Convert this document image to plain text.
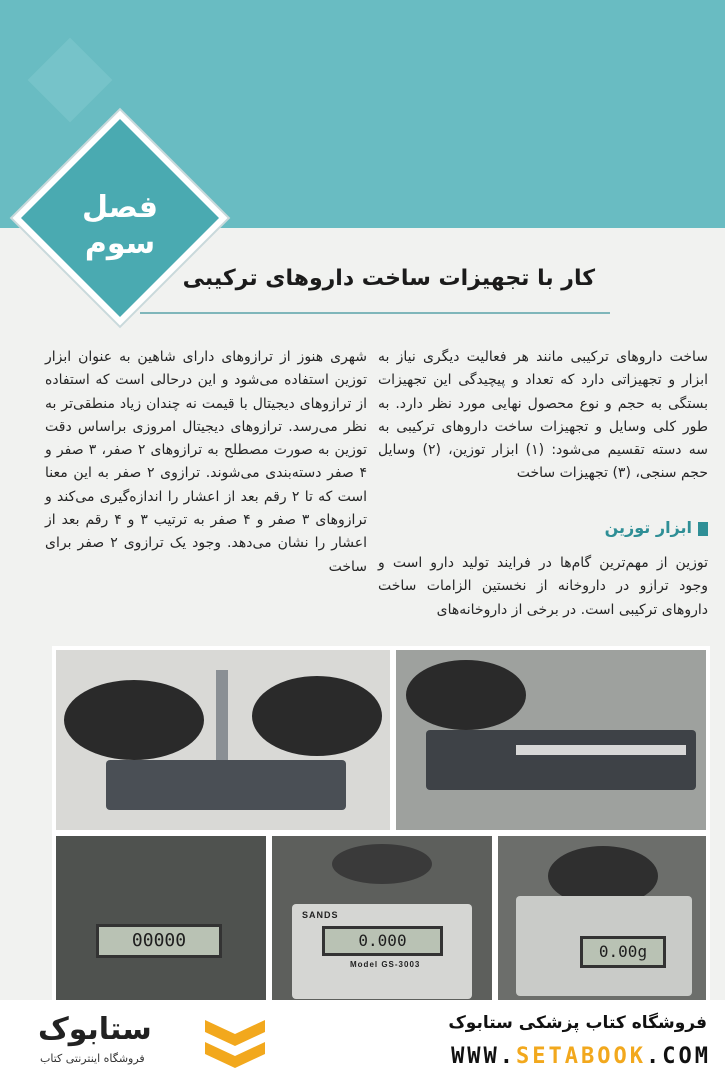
فصل
سوم
کار با تجهیزات ساخت داروهای ترکیبی

ساخت داروهای ترکیبی مانند هر فعالیت دیگری نیاز به ابزار و تجهیزاتی دارد که تعداد و پیچیدگی این تجهیزات بستگی به حجم و نوع محصول نهایی مورد نظر دارد. به طور کلی وسایل و تجهیزات ساخت داروهای ترکیبی به سه دسته تقسیم می‌شود: (۱) ابزار توزین، (۲) وسایل حجم سنجی، (۳) تجهیزات ساخت

ابزار توزین

توزین از مهم‌ترین گام‌ها در فرایند تولید دارو است و وجود ترازو در داروخانه از نخستین الزامات ساخت داروهای ترکیبی است. در برخی از داروخانه‌های

شهری هنوز از ترازوهای دارای شاهین به عنوان ابزار توزین استفاده می‌شود و این درحالی است که استفاده از ترازوهای دیجیتال با قیمت نه چندان زیاد منطقی‌تر به نظر می‌رسد. ترازوهای دیجیتال امروزی براساس دقت توزین به صورت مصطلح به ترازوهای ۲ صفر، ۳ صفر و ۴ صفر دسته‌بندی می‌شوند. ترازوی ۲ صفر به این معنا است که تا ۲ رقم بعد از اعشار را اندازه‌گیری می‌کند و ترازوهای ۳ صفر و ۴ صفر به ترتیب ۳ و ۴ رقم بعد از اعشار را نشان می‌دهد. وجود یک ترازوی ۲ صفر برای ساخت

00000
SANDS
0.000
Model GS-3003
0.00g
فروشگاه کتاب پزشکی ستابوک
WWW.SETABOOK.COM
ستابوک
فروشگاه اینترنتی کتاب
